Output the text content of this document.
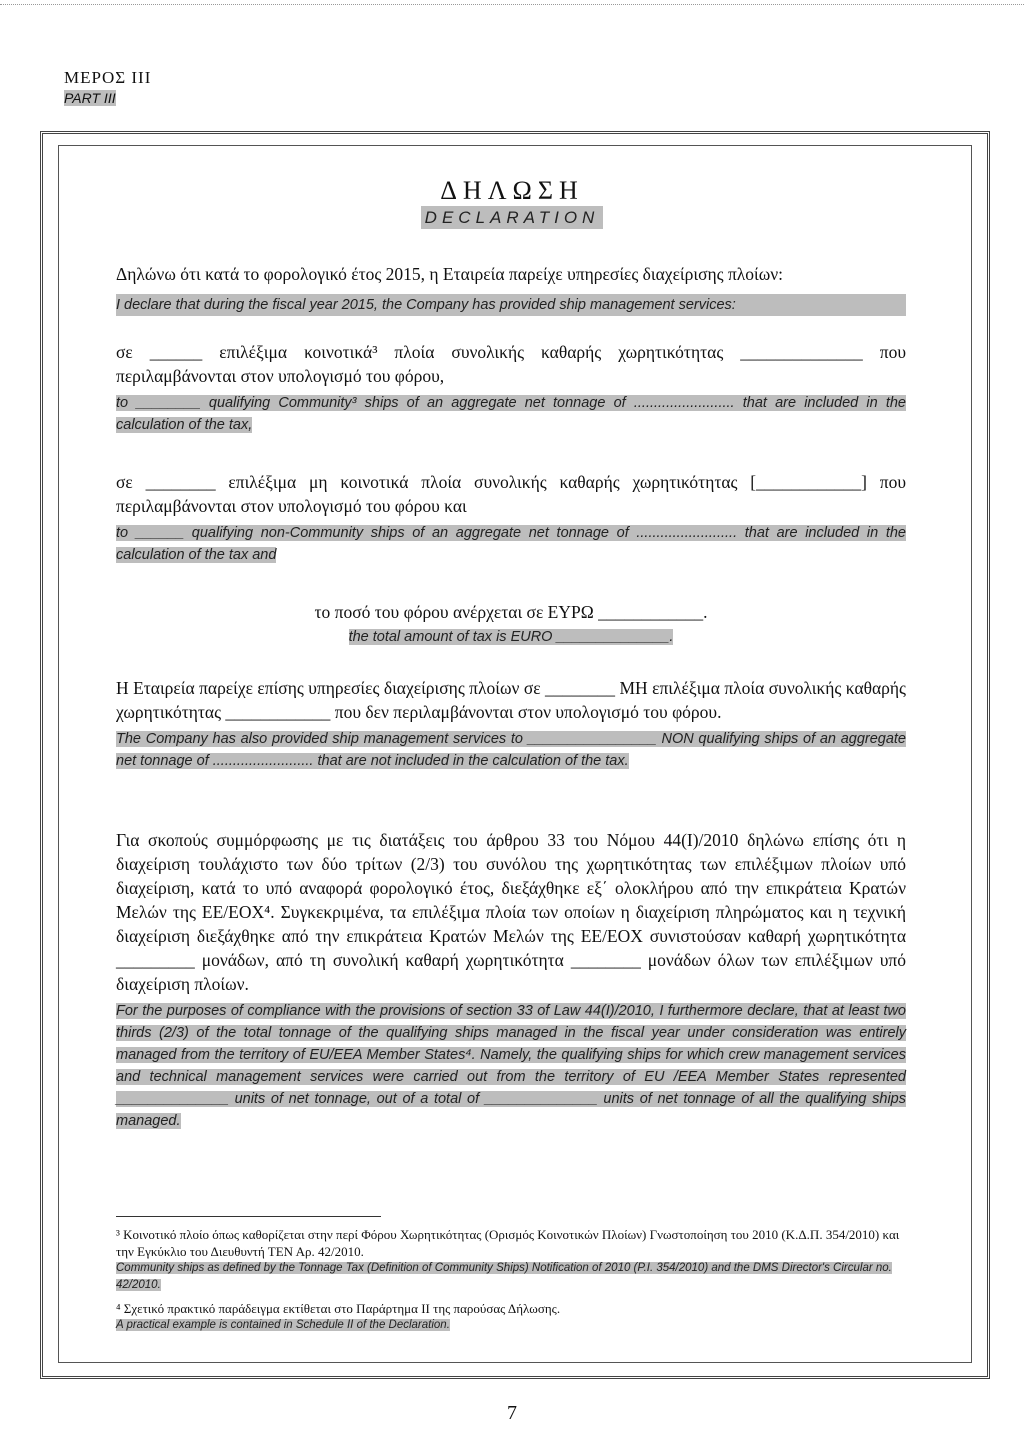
ΜΕΡΟΣ ΙΙΙ
PART III
ΔΗΛΩΣΗ
DECLARATION
Δηλώνω ότι κατά το φορολογικό έτος 2015, η Εταιρεία παρείχε υπηρεσίες διαχείρισης πλοίων:
I declare that during the fiscal year 2015, the Company has provided ship management services:
σε ______ επιλέξιμα κοινοτικά³ πλοία συνολικής καθαρής χωρητικότητας ______________ που περιλαμβάνονται στον υπολογισμό του φόρου,
to ________ qualifying Community³ ships of an aggregate net tonnage of ......................... that are included in the calculation of the tax,
σε ________ επιλέξιμα μη κοινοτικά πλοία συνολικής καθαρής χωρητικότητας [____________] που περιλαμβάνονται στον υπολογισμό του φόρου και
to ______ qualifying non-Community ships of an aggregate net tonnage of ......................... that are included in the calculation of the tax and
το ποσό του φόρου ανέρχεται σε ΕΥΡΩ ____________.
the total amount of tax is EURO ______________.
Η Εταιρεία παρείχε επίσης υπηρεσίες διαχείρισης πλοίων σε ________ ΜΗ επιλέξιμα πλοία συνολικής καθαρής χωρητικότητας ____________ που δεν περιλαμβάνονται στον υπολογισμό του φόρου.
The Company has also provided ship management services to ________________ NON qualifying ships of an aggregate net tonnage of ......................... that are not included in the calculation of the tax.
Για σκοπούς συμμόρφωσης με τις διατάξεις του άρθρου 33 του Νόμου 44(Ι)/2010 δηλώνω επίσης ότι η διαχείριση τουλάχιστο των δύο τρίτων (2/3) του συνόλου της χωρητικότητας των επιλέξιμων πλοίων υπό διαχείριση, κατά το υπό αναφορά φορολογικό έτος, διεξάχθηκε εξ΄ ολοκλήρου από την επικράτεια Κρατών Μελών της ΕΕ/ΕΟΧ⁴. Συγκεκριμένα, τα επιλέξιμα πλοία των οποίων η διαχείριση πληρώματος και η τεχνική διαχείριση διεξάχθηκε από την επικράτεια Κρατών Μελών της ΕΕ/ΕΟΧ συνιστούσαν καθαρή χωρητικότητα _________ μονάδων, από τη συνολική καθαρή χωρητικότητα ________ μονάδων όλων των επιλέξιμων υπό διαχείριση πλοίων.
For the purposes of compliance with the provisions of section 33 of Law 44(I)/2010, I furthermore declare, that at least two thirds (2/3) of the total tonnage of the qualifying ships managed in the fiscal year under consideration was entirely managed from the territory of EU/EEA Member States⁴. Namely, the qualifying ships for which crew management services and technical management services were carried out from the territory of EU /EEA Member States represented ______________ units of net tonnage, out of a total of ______________ units of net tonnage of all the qualifying ships managed.
³ Κοινοτικό πλοίο όπως καθορίζεται στην περί Φόρου Χωρητικότητας (Ορισμός Κοινοτικών Πλοίων) Γνωστοποίηση του 2010 (Κ.Δ.Π. 354/2010) και την Εγκύκλιο του Διευθυντή ΤΕΝ Αρ. 42/2010.
Community ships as defined by the Tonnage Tax (Definition of Community Ships) Notification of 2010 (P.I. 354/2010) and the DMS Director's Circular no. 42/2010.
⁴ Σχετικό πρακτικό παράδειγμα εκτίθεται στο Παράρτημα ΙΙ της παρούσας Δήλωσης.
A practical example is contained in Schedule II of the Declaration.
7
